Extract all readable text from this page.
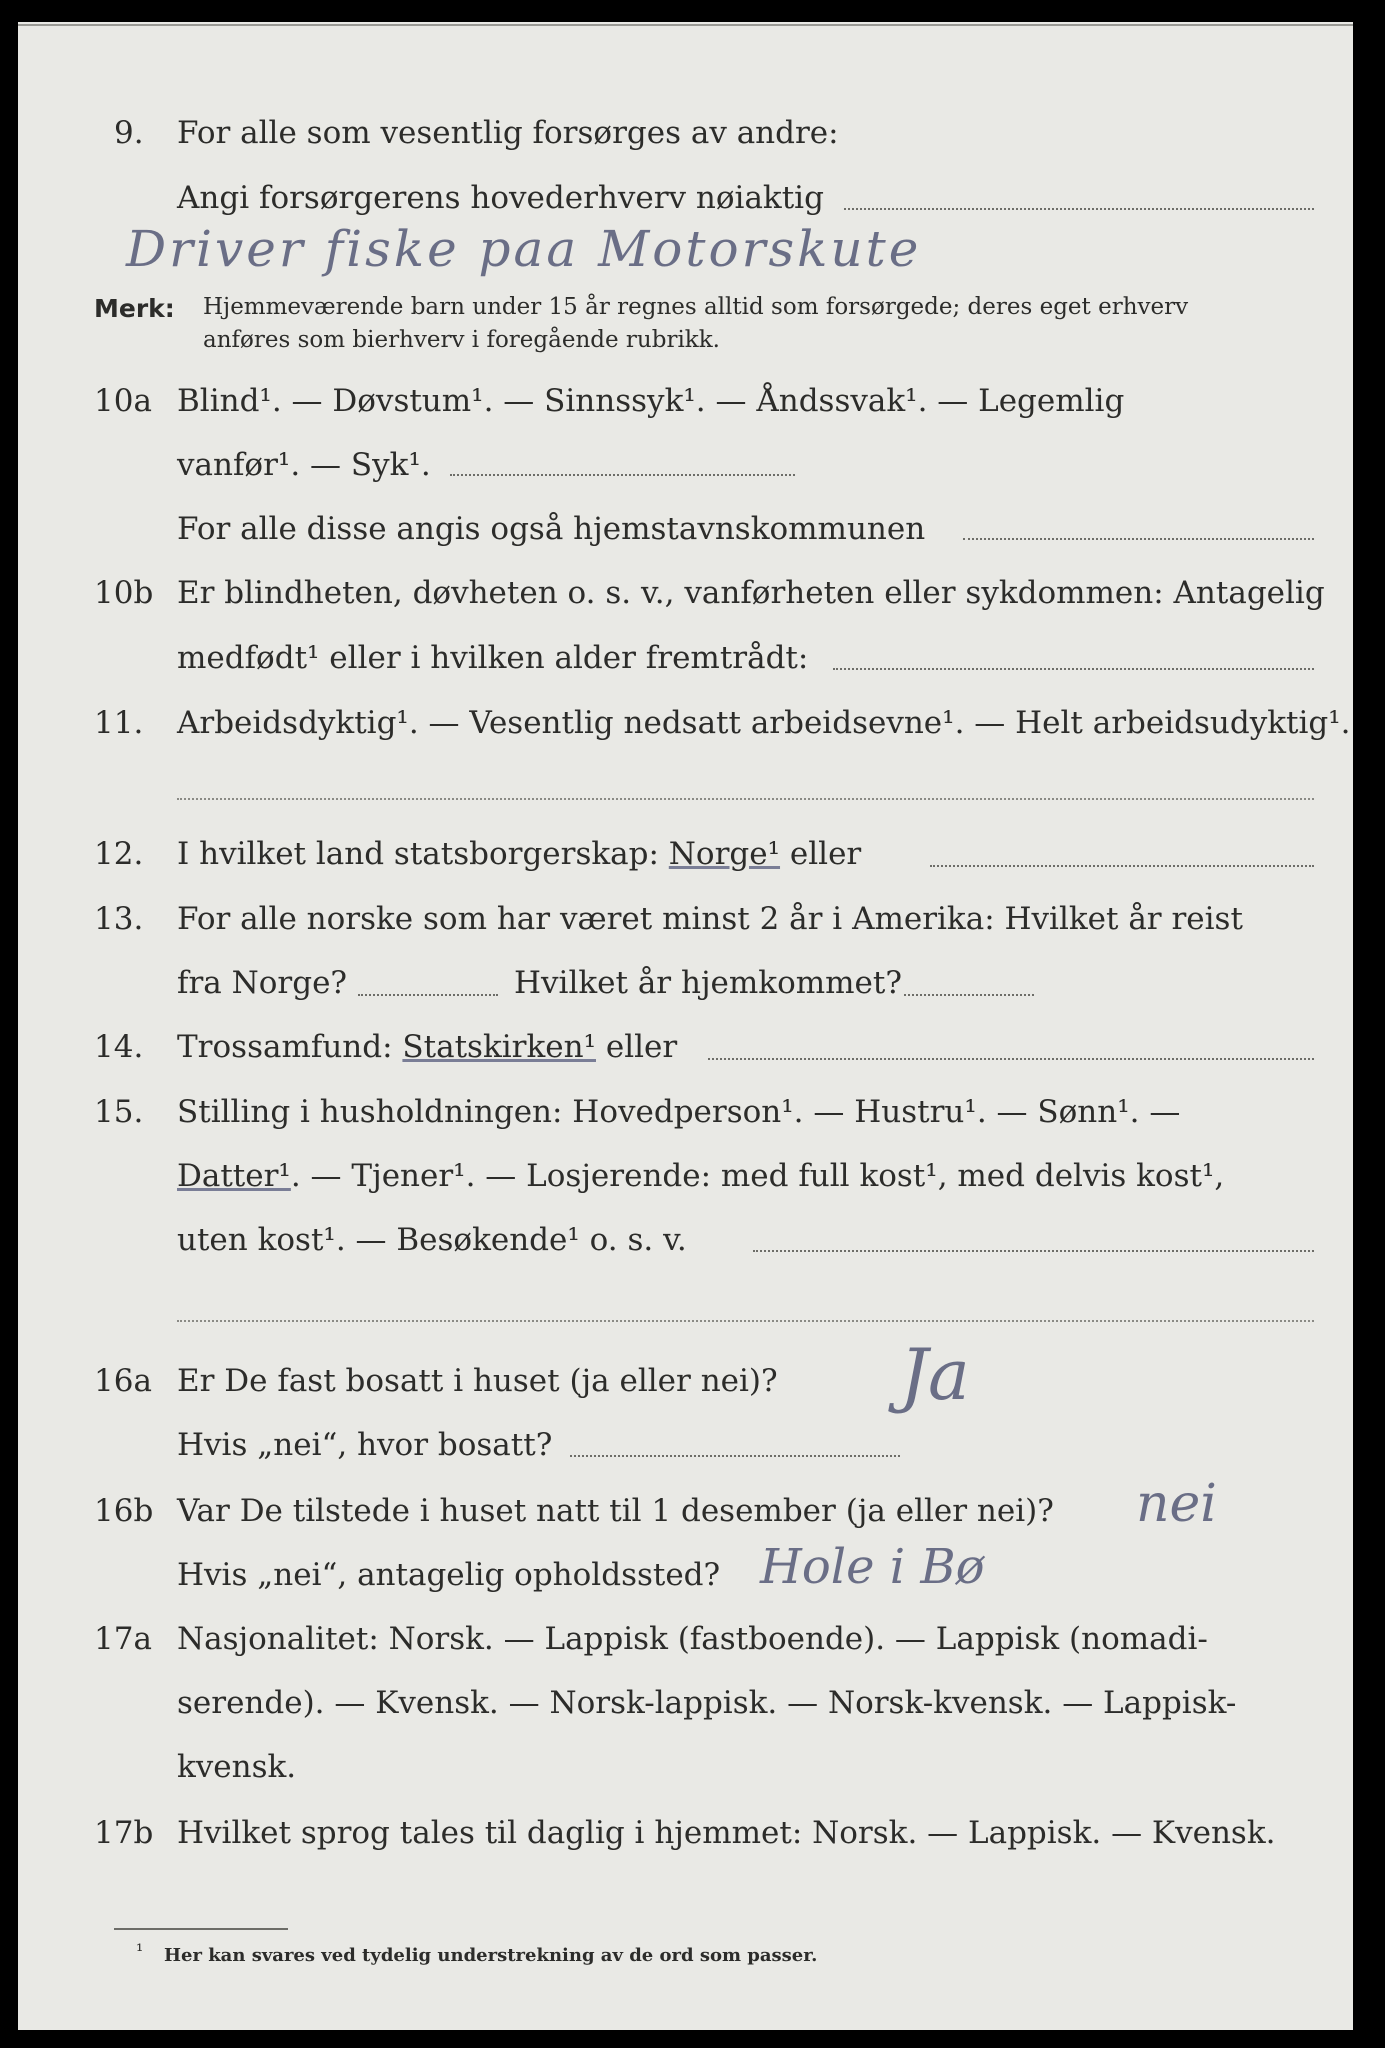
9. For alle som vesentlig forsørges av andre:
Angi forsørgerens hovederhverv nøiaktig
Driver fiske paa Motorskute
Merk: Hjemmeværende barn under 15 år regnes alltid som forsørgede; deres eget erhverv
anføres som bierhverv i foregående rubrikk.
10a Blind¹. — Døvstum¹. — Sinnssyk¹. — Åndssvak¹. — Legemlig
vanfør¹. — Syk¹.
For alle disse angis også hjemstavnskommunen
10b Er blindheten, døvheten o. s. v., vanførheten eller sykdommen: Antagelig
medfødt¹ eller i hvilken alder fremtrådt:
11. Arbeidsdyktig¹. — Vesentlig nedsatt arbeidsevne¹. — Helt arbeidsudyktig¹.
12. I hvilket land statsborgerskap: Norge¹ eller
13. For alle norske som har været minst 2 år i Amerika: Hvilket år reist
fra Norge?	Hvilket år hjemkommet?
14. Trossamfund: Statskirken¹ eller
15. Stilling i husholdningen: Hovedperson¹. — Hustru¹. — Sønn¹. —
Datter¹. — Tjener¹. — Losjerende: med full kost¹, med delvis kost¹,
uten kost¹. — Besøkende¹ o. s. v.
16a Er De fast bosatt i huset (ja eller nei)? Ja
Hvis „nei“, hvor bosatt?
16b Var De tilstede i huset natt til 1 desember (ja eller nei)? nei
Hvis „nei“, antagelig opholdssted? Hole i Bø
17a Nasjonalitet: Norsk. — Lappisk (fastboende). — Lappisk (nomadi-
serende). — Kvensk. — Norsk-lappisk. — Norsk-kvensk. — Lappisk-
kvensk.
17b Hvilket sprog tales til daglig i hjemmet: Norsk. — Lappisk. — Kvensk.
¹ Her kan svares ved tydelig understrekning av de ord som passer.
